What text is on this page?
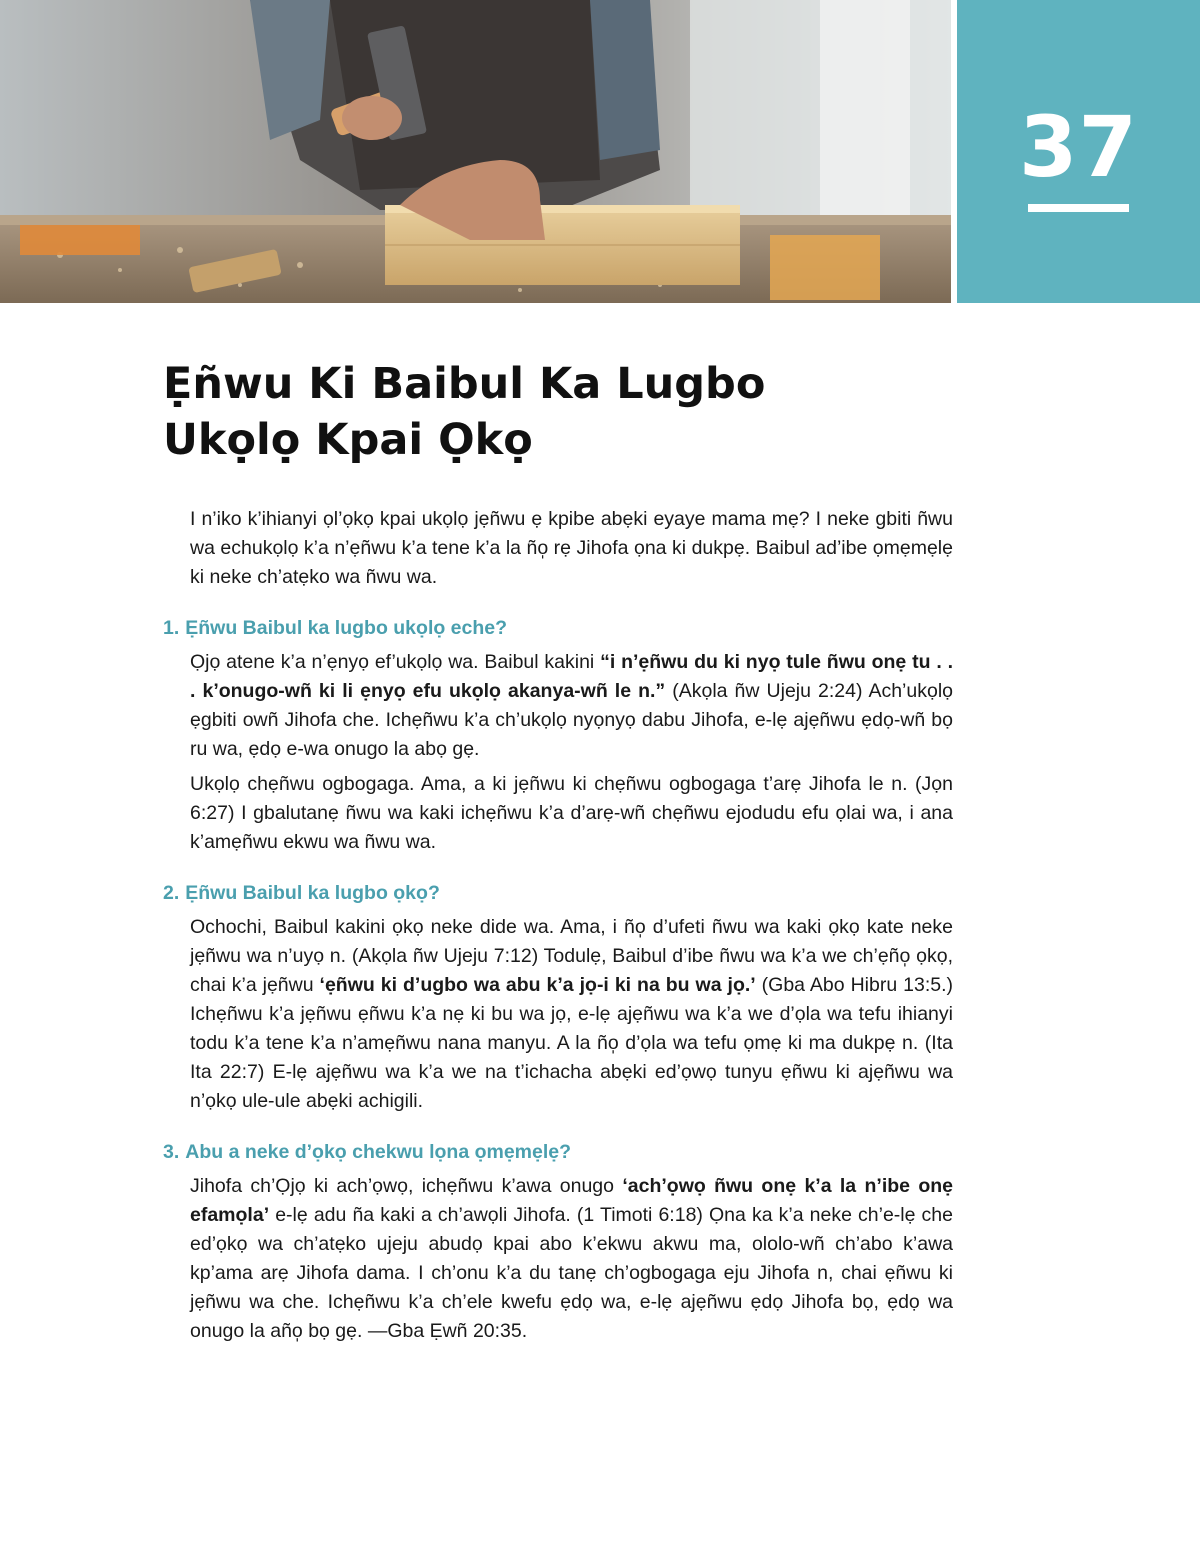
37
Ẹñwu Ki Baibul Ka Lugbo
Ukọlọ Kpai Ọkọ

I n’iko k’ihianyi ọl’ọkọ kpai ukọlọ jẹñwu ẹ kpibe abẹki eyaye mama mẹ? I neke gbiti ñwu wa echukọlọ k’a n’ẹñwu k’a tene k’a la ño̩ rẹ Jihofa ọna ki dukpẹ. Baibul ad’ibe ọmẹmẹlẹ ki neke ch’atẹko wa ñwu wa.

1. Ẹñwu Baibul ka lugbo ukọlọ eche?

Ọjọ atene k’a n’ẹnyọ ef’ukọlọ wa. Baibul kakini “i n’ẹñwu du ki nyọ tule ñwu onẹ tu . . . k’onugo-wñ ki li ẹnyọ efu ukọlọ akanya-wñ le n.” (Akọla ñw Ujeju 2:24) Ach’ukọlọ ẹgbiti owñ Jihofa che. Ichẹñwu k’a ch’ukọlọ nyọnyọ dabu Jihofa, e-lẹ ajẹñwu ẹdọ-wñ bọ ru wa, ẹdọ e-wa onugo la abọ gẹ.

Ukọlọ chẹñwu ogbogaga. Ama, a ki jẹñwu ki chẹñwu ogbogaga t’arẹ Jihofa le n. (Jọn 6:27) I gbalutanẹ ñwu wa kaki ichẹñwu k’a d’arẹ-wñ chẹñwu ejodudu efu ọlai wa, i ana k’amẹñwu ekwu wa ñwu wa.

2. Ẹñwu Baibul ka lugbo ọkọ?

Ochochi, Baibul kakini ọkọ neke dide wa. Ama, i ño̩ d’ufeti ñwu wa kaki ọkọ kate neke jẹñwu wa n’uyọ n. (Akọla ñw Ujeju 7:12) Todulẹ, Baibul d’ibe ñwu wa k’a we ch’ẹño̩ ọkọ, chai k’a jẹñwu ‘ẹñwu ki d’ugbo wa abu k’a jọ-i ki na bu wa jọ.’ (Gba Abo Hibru 13:5.) Ichẹñwu k’a jẹñwu ẹñwu k’a nẹ ki bu wa jọ, e-lẹ ajẹñwu wa k’a we d’ọla wa tefu ihianyi todu k’a tene k’a n’amẹñwu nana manyu. A la ño̩ d’ọla wa tefu ọmẹ ki ma dukpẹ n. (Ita Ita 22:7) E-lẹ ajẹñwu wa k’a we na t’ichacha abẹki ed’ọwọ tunyu ẹñwu ki ajẹñwu wa n’ọkọ ule-ule abẹki achigili.

3. Abu a neke d’ọkọ chekwu lọna ọmẹmẹlẹ?

Jihofa ch’Ọjọ ki ach’ọwọ, ichẹñwu k’awa onugo ‘ach’ọwọ ñwu onẹ k’a la n’ibe onẹ efamọla’ e-lẹ adu ña kaki a ch’awọli Jihofa. (1 Timoti 6:18) Ọna ka k’a neke ch’e-lẹ che ed’ọkọ wa ch’atẹko ujeju abudọ kpai abo k’ekwu akwu ma, ololo-wñ ch’abo k’awa kp’ama arẹ Jihofa dama. I ch’onu k’a du tanẹ ch’ogbogaga eju Jihofa n, chai ẹñwu ki jẹñwu wa che. Ichẹñwu k’a ch’ele kwefu ẹdọ wa, e-lẹ ajẹñwu ẹdọ Jihofa bọ, ẹdọ wa onugo la año̩ bọ gẹ. —Gba Ẹwñ 20:35.
